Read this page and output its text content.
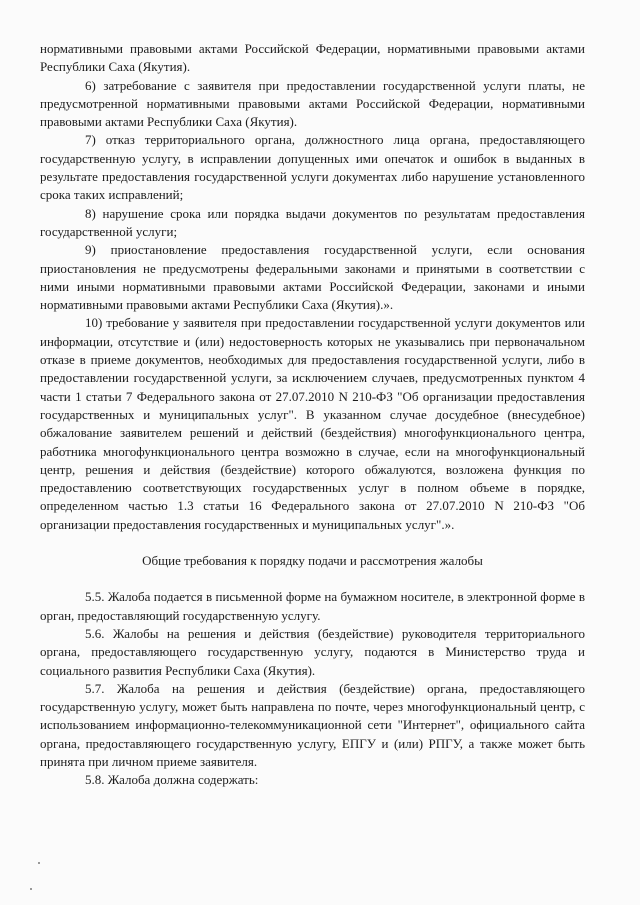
нормативными правовыми актами Российской Федерации, нормативными правовыми актами Республики Саха (Якутия).

6) затребование с заявителя при предоставлении государственной услуги платы, не предусмотренной нормативными правовыми актами Российской Федерации, нормативными правовыми актами Республики Саха (Якутия).

7) отказ территориального органа, должностного лица органа, предоставляющего государственную услугу, в исправлении допущенных ими опечаток и ошибок в выданных в результате предоставления государственной услуги документах либо нарушение установленного срока таких исправлений;

8) нарушение срока или порядка выдачи документов по результатам предоставления государственной услуги;

9) приостановление предоставления государственной услуги, если основания приостановления не предусмотрены федеральными законами и принятыми в соответствии с ними иными нормативными правовыми актами Российской Федерации, законами и иными нормативными правовыми актами Республики Саха (Якутия).».

10) требование у заявителя при предоставлении государственной услуги документов или информации, отсутствие и (или) недостоверность которых не указывались при первоначальном отказе в приеме документов, необходимых для предоставления государственной услуги, либо в предоставлении государственной услуги, за исключением случаев, предусмотренных пунктом 4 части 1 статьи 7 Федерального закона от 27.07.2010 N 210-ФЗ "Об организации предоставления государственных и муниципальных услуг". В указанном случае досудебное (внесудебное) обжалование заявителем решений и действий (бездействия) многофункционального центра, работника многофункционального центра возможно в случае, если на многофункциональный центр, решения и действия (бездействие) которого обжалуются, возложена функция по предоставлению соответствующих государственных услуг в полном объеме в порядке, определенном частью 1.3 статьи 16 Федерального закона от 27.07.2010 N 210-ФЗ "Об организации предоставления государственных и муниципальных услуг".».

Общие требования к порядку подачи и рассмотрения жалобы

5.5. Жалоба подается в письменной форме на бумажном носителе, в электронной форме в орган, предоставляющий государственную услугу.

5.6. Жалобы на решения и действия (бездействие) руководителя территориального органа, предоставляющего государственную услугу, подаются в Министерство труда и социального развития Республики Саха (Якутия).

5.7. Жалоба на решения и действия (бездействие) органа, предоставляющего государственную услугу, может быть направлена по почте, через многофункциональный центр, с использованием информационно-телекоммуникационной сети "Интернет", официального сайта органа, предоставляющего государственную услугу, ЕПГУ и (или) РПГУ, а также может быть принята при личном приеме заявителя.

5.8. Жалоба должна содержать:
